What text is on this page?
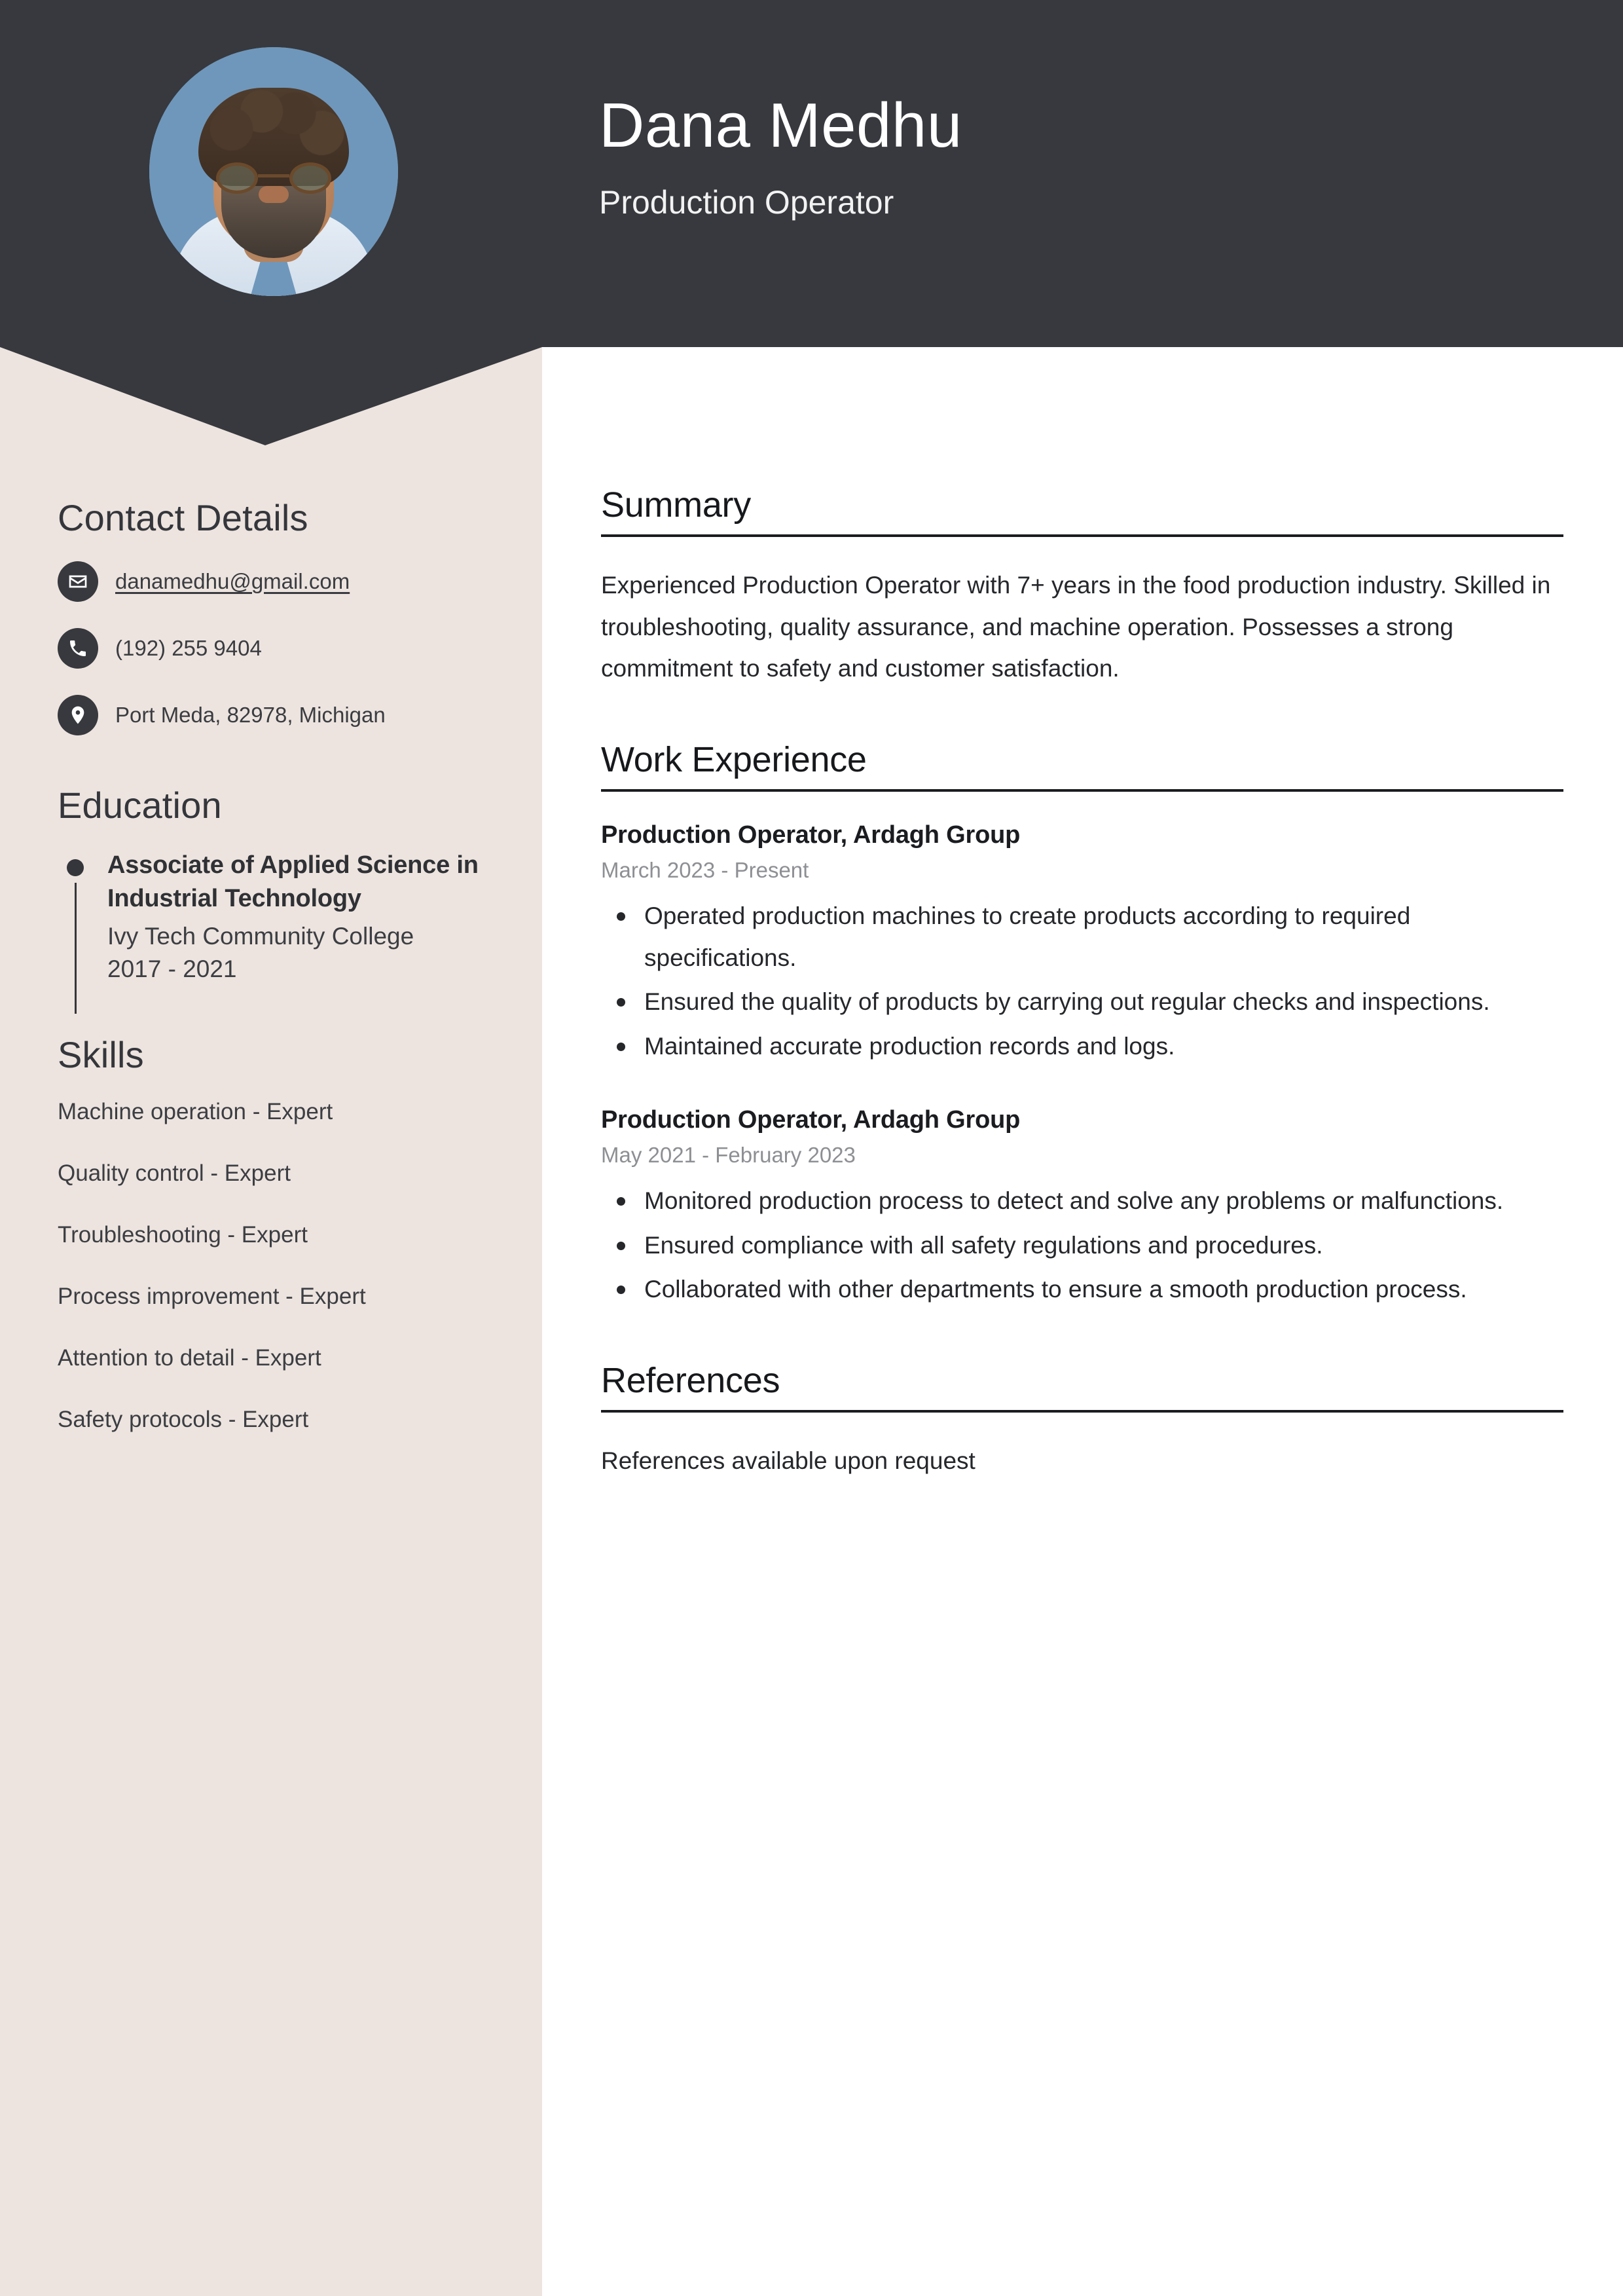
Dana Medhu
Production Operator
Contact Details
danamedhu@gmail.com
(192) 255 9404
Port Meda, 82978, Michigan
Education
Associate of Applied Science in Industrial Technology
Ivy Tech Community College
2017 - 2021
Skills
Machine operation - Expert
Quality control - Expert
Troubleshooting - Expert
Process improvement - Expert
Attention to detail - Expert
Safety protocols - Expert
Summary
Experienced Production Operator with 7+ years in the food production industry. Skilled in troubleshooting, quality assurance, and machine operation. Possesses a strong commitment to safety and customer satisfaction.
Work Experience
Production Operator, Ardagh Group
March 2023 - Present
Operated production machines to create products according to required specifications.
Ensured the quality of products by carrying out regular checks and inspections.
Maintained accurate production records and logs.
Production Operator, Ardagh Group
May 2021 - February 2023
Monitored production process to detect and solve any problems or malfunctions.
Ensured compliance with all safety regulations and procedures.
Collaborated with other departments to ensure a smooth production process.
References
References available upon request
